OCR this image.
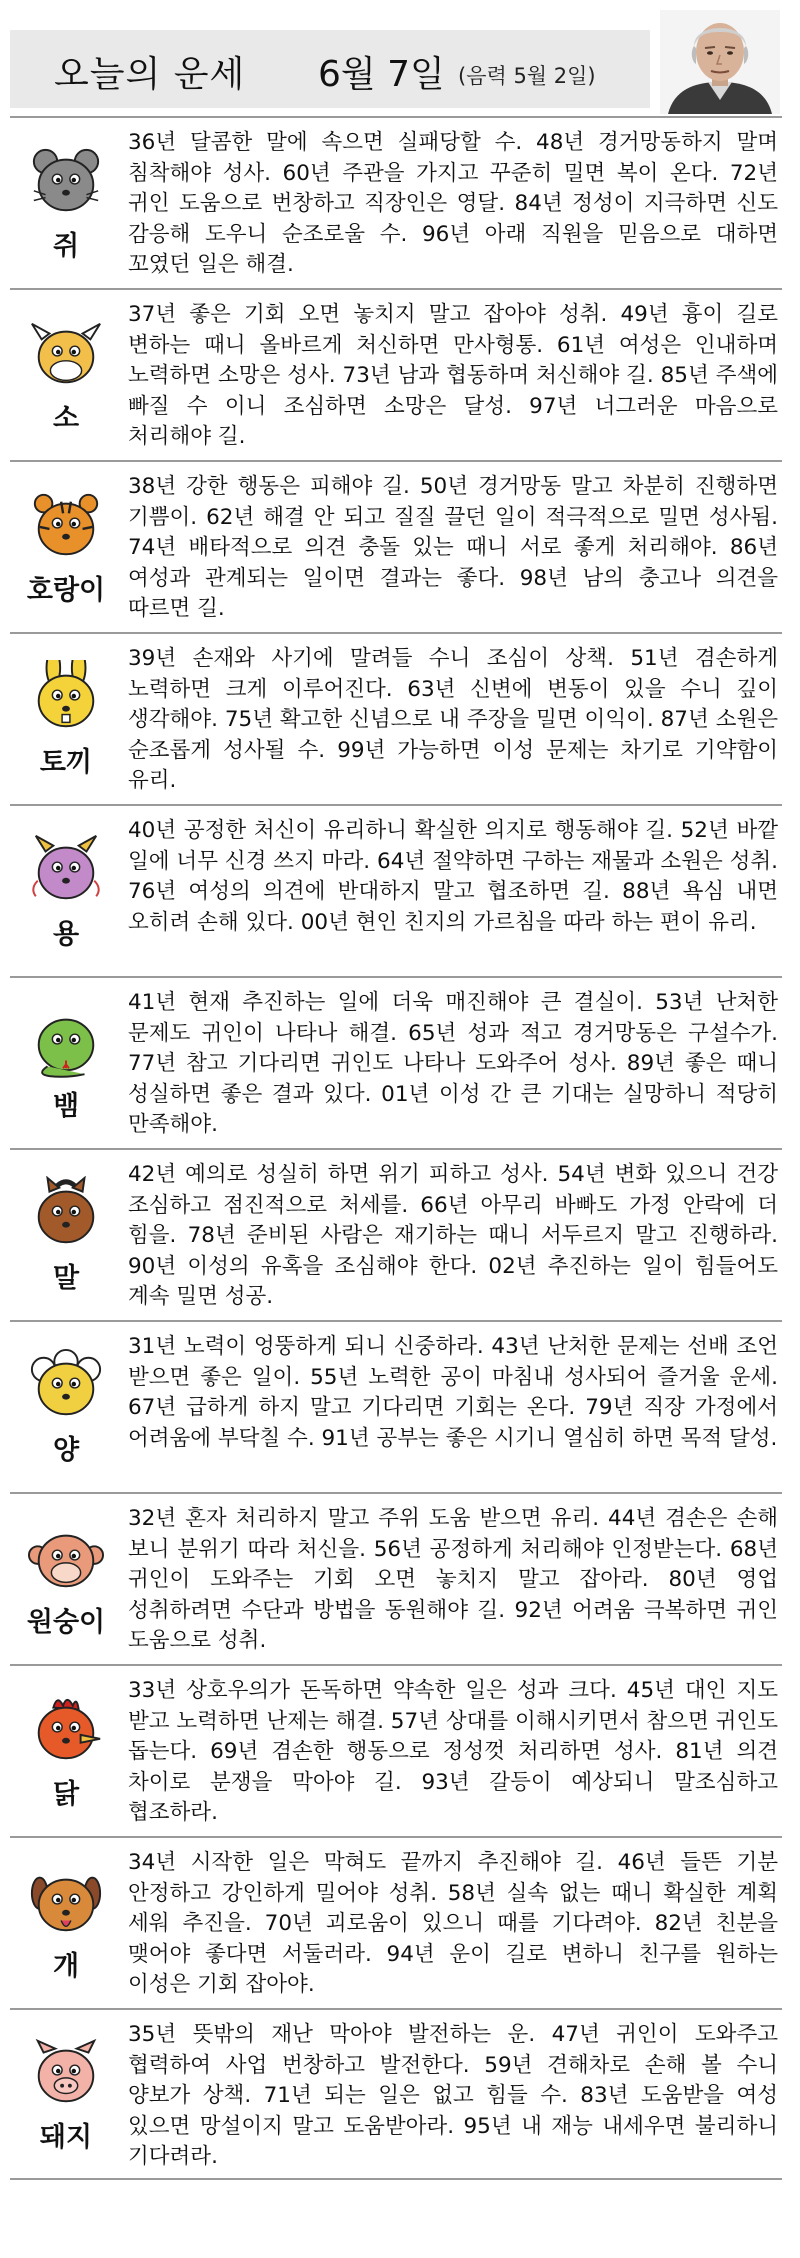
오늘의 운세 6월 7일 (음력 5월 2일)
쥐
36년 달콤한 말에 속으면 실패당할 수. 48년 경거망동하지 말며 침착해야 성사. 60년 주관을 가지고 꾸준히 밀면 복이 온다. 72년 귀인 도움으로 번창하고 직장인은 영달. 84년 정성이 지극하면 신도 감응해 도우니 순조로울 수. 96년 아래 직원을 믿음으로 대하면 꼬였던 일은 해결.
소
37년 좋은 기회 오면 놓치지 말고 잡아야 성취. 49년 흉이 길로 변하는 때니 올바르게 처신하면 만사형통. 61년 여성은 인내하며 노력하면 소망은 성사. 73년 남과 협동하며 처신해야 길. 85년 주색에 빠질 수 이니 조심하면 소망은 달성. 97년 너그러운 마음으로 처리해야 길.
호랑이
38년 강한 행동은 피해야 길. 50년 경거망동 말고 차분히 진행하면 기쁨이. 62년 해결 안 되고 질질 끌던 일이 적극적으로 밀면 성사됨. 74년 배타적으로 의견 충돌 있는 때니 서로 좋게 처리해야. 86년 여성과 관계되는 일이면 결과는 좋다. 98년 남의 충고나 의견을 따르면 길.
토끼
39년 손재와 사기에 말려들 수니 조심이 상책. 51년 겸손하게 노력하면 크게 이루어진다. 63년 신변에 변동이 있을 수니 깊이 생각해야. 75년 확고한 신념으로 내 주장을 밀면 이익이. 87년 소원은 순조롭게 성사될 수. 99년 가능하면 이성 문제는 차기로 기약함이 유리.
용
40년 공정한 처신이 유리하니 확실한 의지로 행동해야 길. 52년 바깥 일에 너무 신경 쓰지 마라. 64년 절약하면 구하는 재물과 소원은 성취. 76년 여성의 의견에 반대하지 말고 협조하면 길. 88년 욕심 내면 오히려 손해 있다. 00년 현인 친지의 가르침을 따라 하는 편이 유리.
뱀
41년 현재 추진하는 일에 더욱 매진해야 큰 결실이. 53년 난처한 문제도 귀인이 나타나 해결. 65년 성과 적고 경거망동은 구설수가. 77년 참고 기다리면 귀인도 나타나 도와주어 성사. 89년 좋은 때니 성실하면 좋은 결과 있다. 01년 이성 간 큰 기대는 실망하니 적당히 만족해야.
말
42년 예의로 성실히 하면 위기 피하고 성사. 54년 변화 있으니 건강 조심하고 점진적으로 처세를. 66년 아무리 바빠도 가정 안락에 더 힘을. 78년 준비된 사람은 재기하는 때니 서두르지 말고 진행하라. 90년 이성의 유혹을 조심해야 한다. 02년 추진하는 일이 힘들어도 계속 밀면 성공.
양
31년 노력이 엉뚱하게 되니 신중하라. 43년 난처한 문제는 선배 조언 받으면 좋은 일이. 55년 노력한 공이 마침내 성사되어 즐거울 운세. 67년 급하게 하지 말고 기다리면 기회는 온다. 79년 직장 가정에서 어려움에 부닥칠 수. 91년 공부는 좋은 시기니 열심히 하면 목적 달성.
원숭이
32년 혼자 처리하지 말고 주위 도움 받으면 유리. 44년 겸손은 손해 보니 분위기 따라 처신을. 56년 공정하게 처리해야 인정받는다. 68년 귀인이 도와주는 기회 오면 놓치지 말고 잡아라. 80년 영업 성취하려면 수단과 방법을 동원해야 길. 92년 어려움 극복하면 귀인 도움으로 성취.
닭
33년 상호우의가 돈독하면 약속한 일은 성과 크다. 45년 대인 지도 받고 노력하면 난제는 해결. 57년 상대를 이해시키면서 참으면 귀인도 돕는다. 69년 겸손한 행동으로 정성껏 처리하면 성사. 81년 의견 차이로 분쟁을 막아야 길. 93년 갈등이 예상되니 말조심하고 협조하라.
개
34년 시작한 일은 막혀도 끝까지 추진해야 길. 46년 들뜬 기분 안정하고 강인하게 밀어야 성취. 58년 실속 없는 때니 확실한 계획 세워 추진을. 70년 괴로움이 있으니 때를 기다려야. 82년 친분을 맺어야 좋다면 서둘러라. 94년 운이 길로 변하니 친구를 원하는 이성은 기회 잡아야.
돼지
35년 뜻밖의 재난 막아야 발전하는 운. 47년 귀인이 도와주고 협력하여 사업 번창하고 발전한다. 59년 견해차로 손해 볼 수니 양보가 상책. 71년 되는 일은 없고 힘들 수. 83년 도움받을 여성 있으면 망설이지 말고 도움받아라. 95년 내 재능 내세우면 불리하니 기다려라.
